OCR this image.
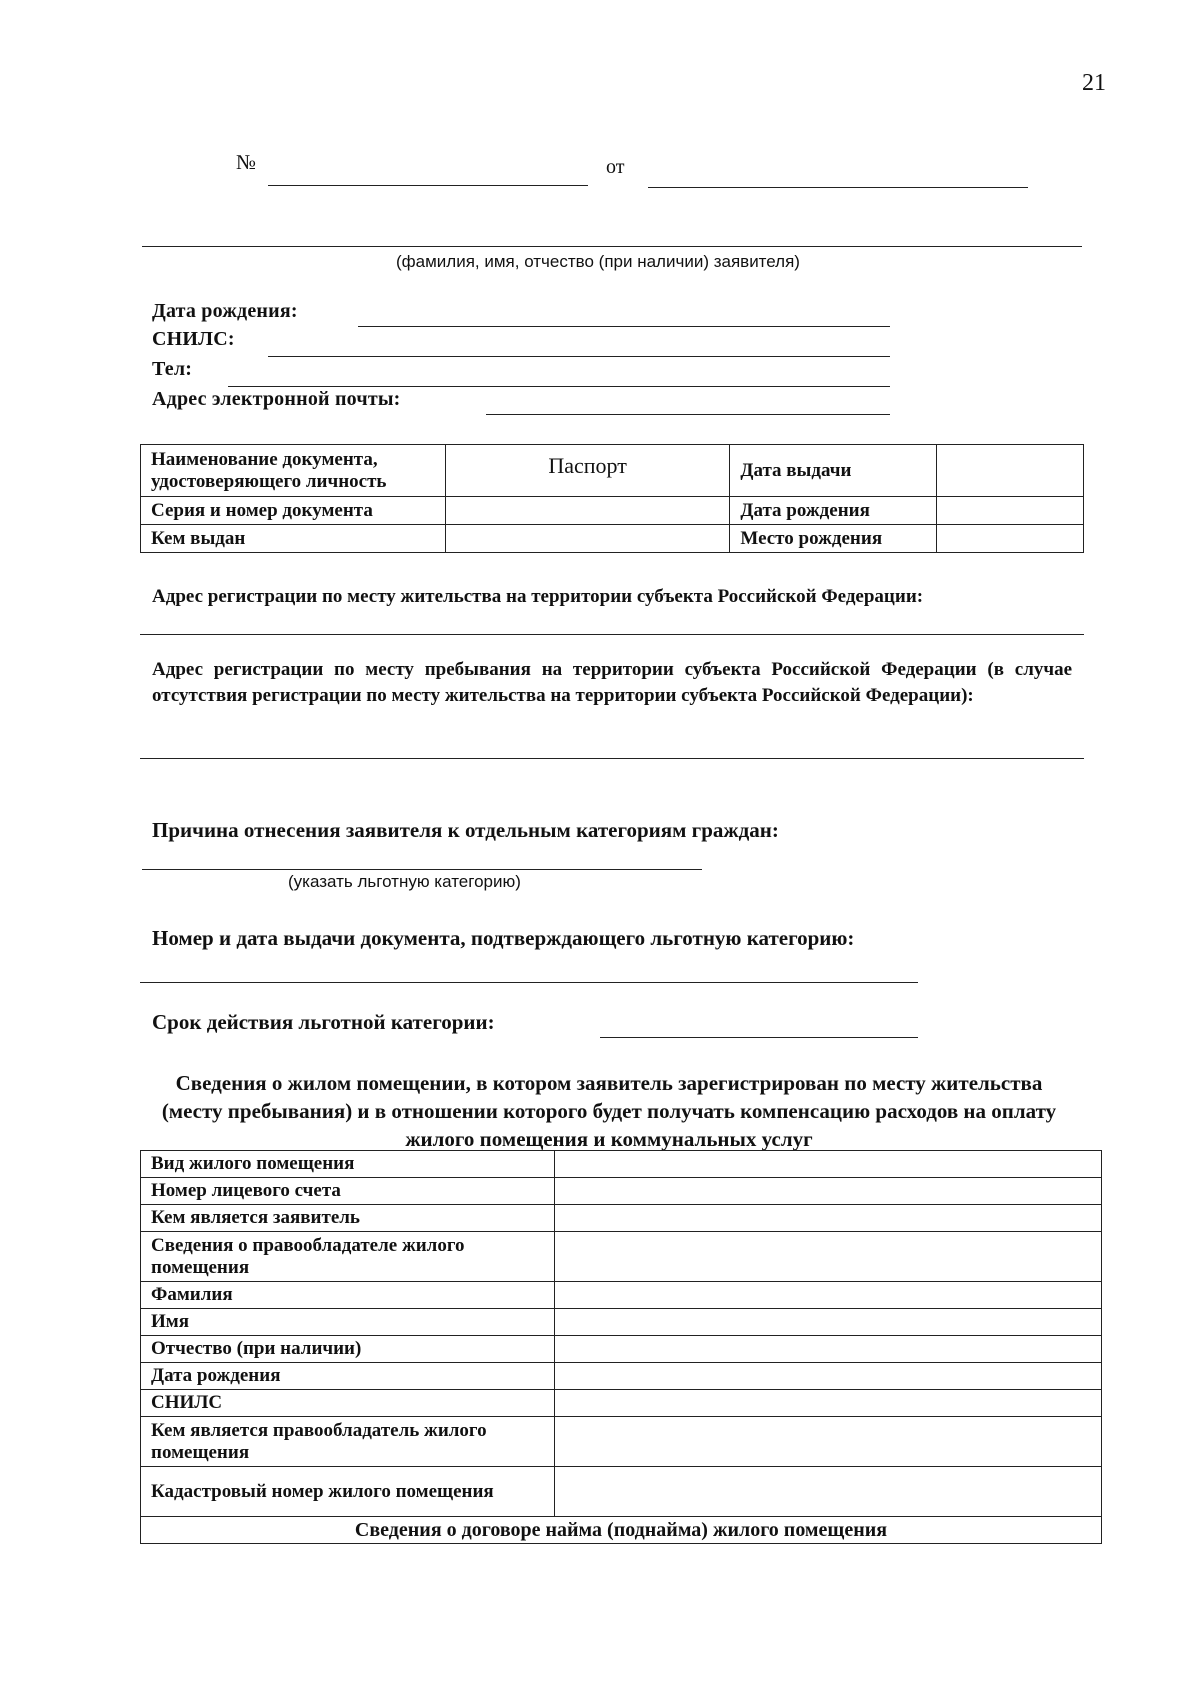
21
№	от
(фамилия, имя, отчество (при наличии) заявителя)
Дата рождения:
СНИЛС:
Тел:
Адрес электронной почты:
Наименование документа, удостоверяющего личность	Паспорт	Дата выдачи	
Серия и номер документа		Дата рождения	
Кем выдан		Место рождения	
Адрес регистрации по месту жительства на территории субъекта Российской Федерации:
Адрес регистрации по месту пребывания на территории субъекта Российской Федерации (в случае отсутствия регистрации по месту жительства на территории субъекта Российской Федерации):
Причина отнесения заявителя к отдельным категориям граждан:
(указать льготную категорию)
Номер и дата выдачи документа, подтверждающего льготную категорию:
Срок действия льготной категории:
Сведения о жилом помещении, в котором заявитель зарегистрирован по месту жительства (месту пребывания) и в отношении которого будет получать компенсацию расходов на оплату жилого помещения и коммунальных услуг
Вид жилого помещения	
Номер лицевого счета	
Кем является заявитель	
Сведения о правообладателе жилого помещения	
Фамилия	
Имя	
Отчество (при наличии)	
Дата рождения	
СНИЛС	
Кем является правообладатель жилого помещения	
Кадастровый номер жилого помещения	
Сведения о договоре найма (поднайма) жилого помещения	
